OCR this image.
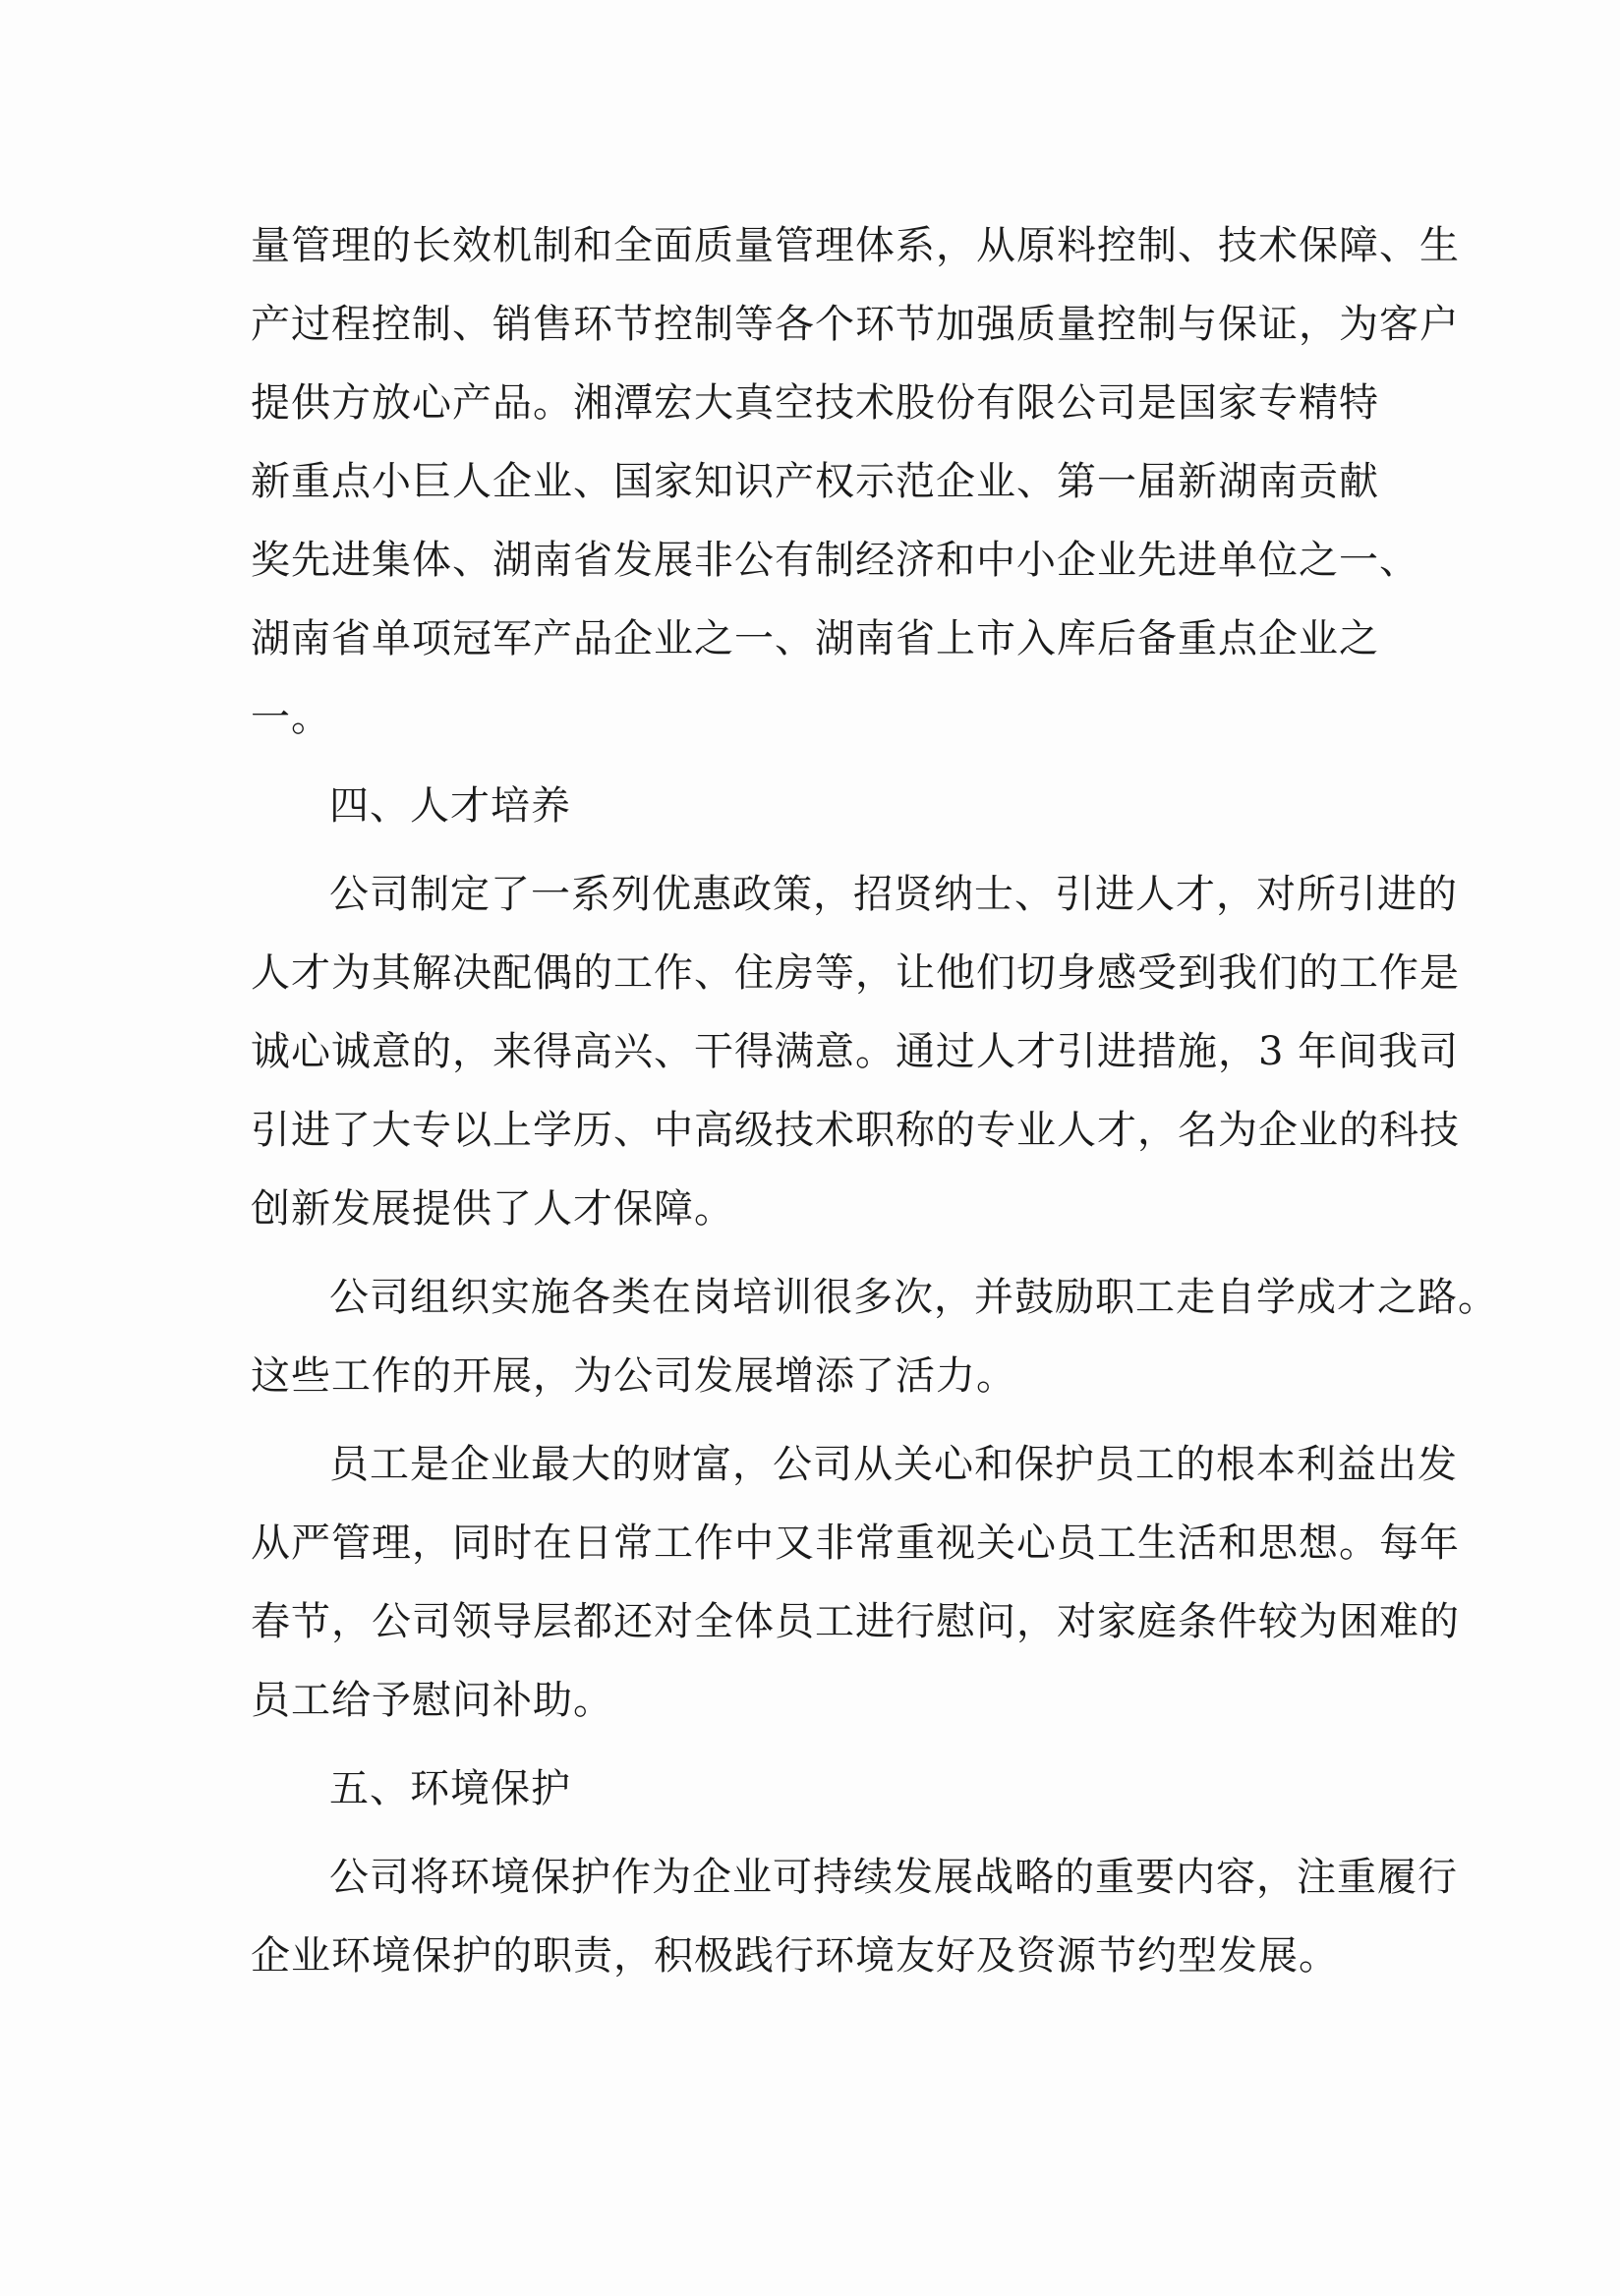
量管理的长效机制和全面质量管理体系，从原料控制、技术保障、生
产过程控制、销售环节控制等各个环节加强质量控制与保证，为客户
提供方放心产品。湘潭宏大真空技术股份有限公司是国家专精特
新重点小巨人企业、国家知识产权示范企业、第一届新湖南贡献
奖先进集体、湖南省发展非公有制经济和中小企业先进单位之一、
湖南省单项冠军产品企业之一、湖南省上市入库后备重点企业之
一。
四、人才培养
公司制定了一系列优惠政策，招贤纳士、引进人才，对所引进的
人才为其解决配偶的工作、住房等，让他们切身感受到我们的工作是
诚心诚意的，来得高兴、干得满意。通过人才引进措施，3 年间我司
引进了大专以上学历、中高级技术职称的专业人才，名为企业的科技
创新发展提供了人才保障。
公司组织实施各类在岗培训很多次，并鼓励职工走自学成才之路。
这些工作的开展，为公司发展增添了活力。
员工是企业最大的财富，公司从关心和保护员工的根本利益出发
从严管理，同时在日常工作中又非常重视关心员工生活和思想。每年
春节，公司领导层都还对全体员工进行慰问，对家庭条件较为困难的
员工给予慰问补助。
五、环境保护
公司将环境保护作为企业可持续发展战略的重要内容，注重履行
企业环境保护的职责，积极践行环境友好及资源节约型发展。
